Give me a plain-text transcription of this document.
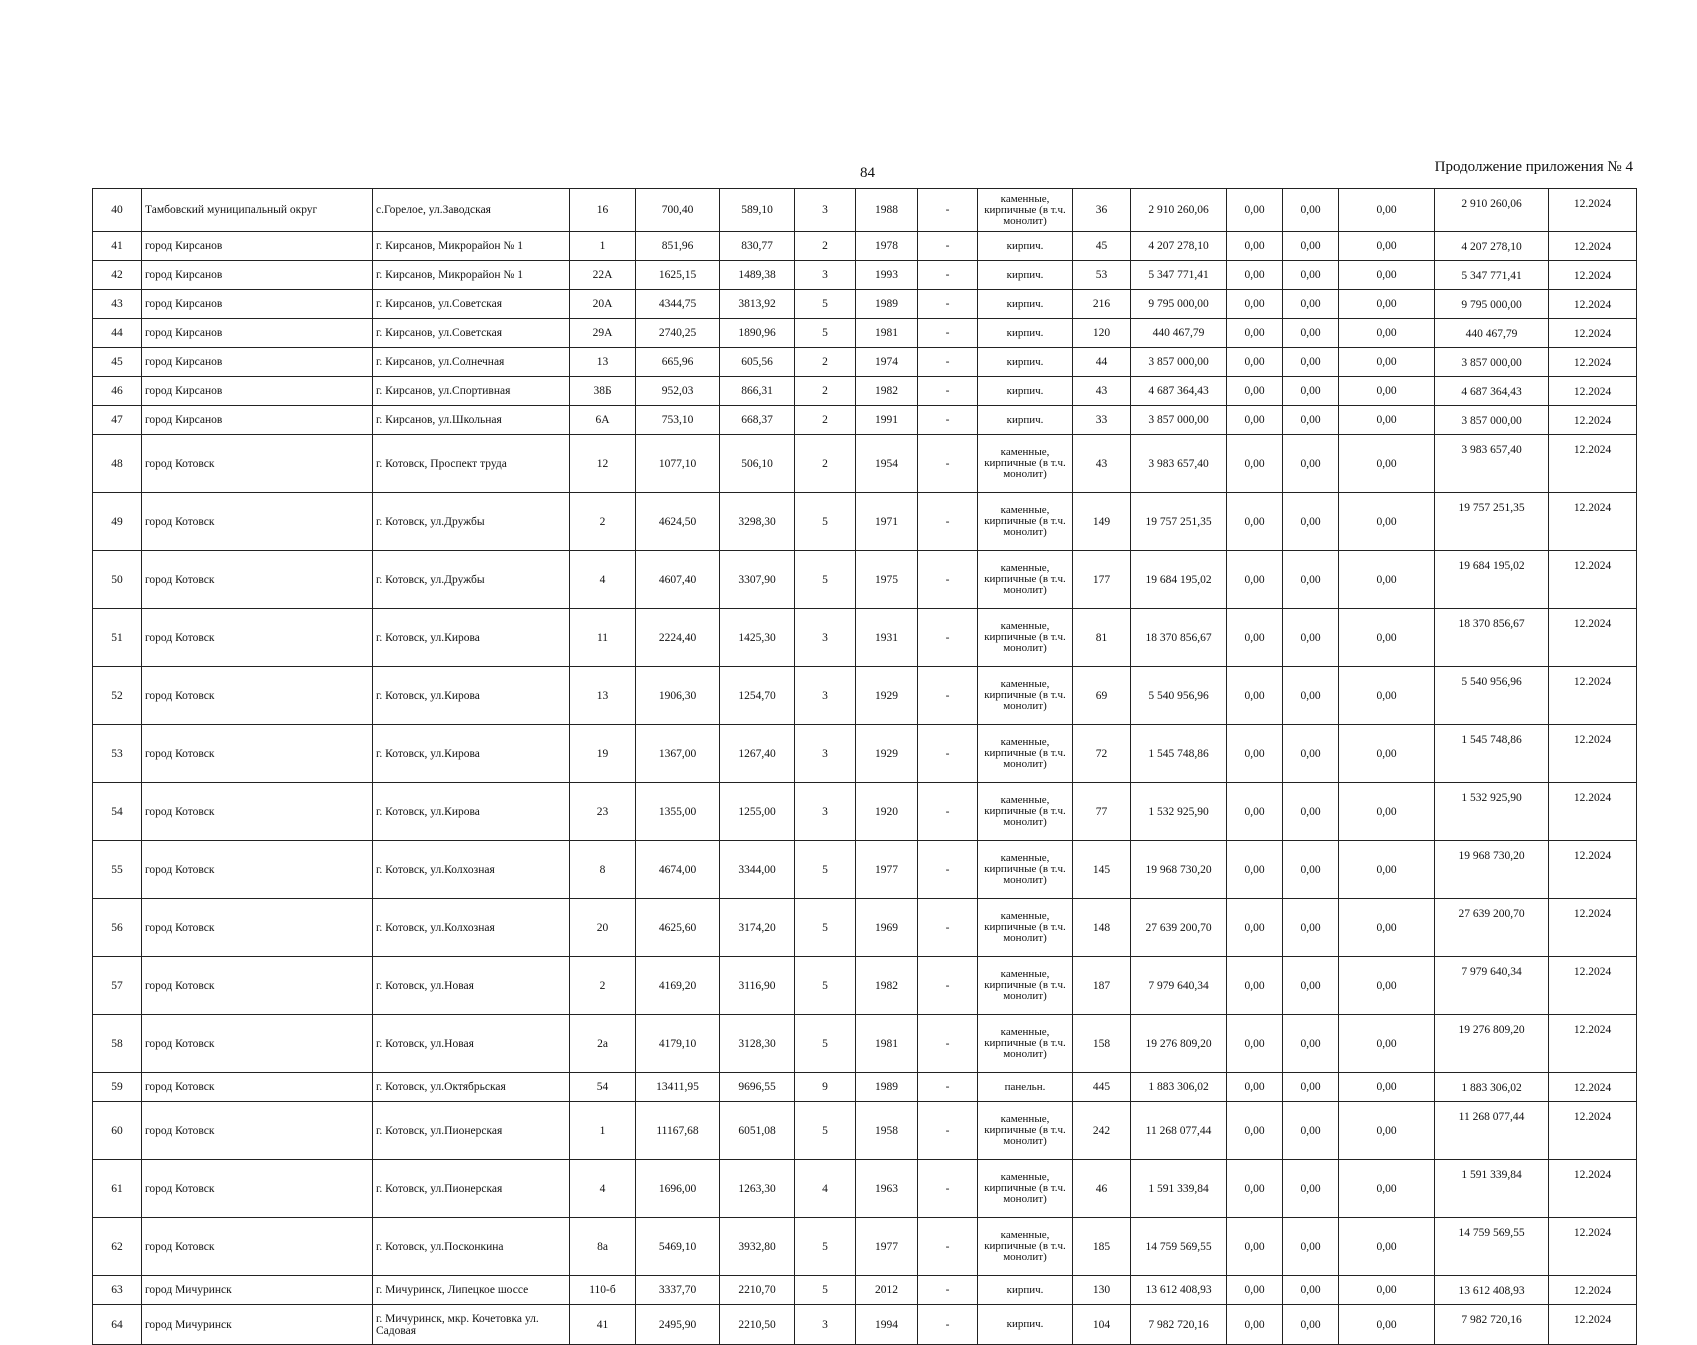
84	Продолжение приложения № 4
40	Тамбовский муниципальный округ	с.Горелое, ул.Заводская	16	700,40	589,10	3	1988	-	каменные, кирпичные (в т.ч. монолит)	36	2 910 260,06	0,00	0,00	0,00	2 910 260,06	12.2024
41	город Кирсанов	г. Кирсанов, Микрорайон № 1	1	851,96	830,77	2	1978	-	кирпич.	45	4 207 278,10	0,00	0,00	0,00	4 207 278,10	12.2024
42	город Кирсанов	г. Кирсанов, Микрорайон № 1	22А	1625,15	1489,38	3	1993	-	кирпич.	53	5 347 771,41	0,00	0,00	0,00	5 347 771,41	12.2024
43	город Кирсанов	г. Кирсанов, ул.Советская	20А	4344,75	3813,92	5	1989	-	кирпич.	216	9 795 000,00	0,00	0,00	0,00	9 795 000,00	12.2024
44	город Кирсанов	г. Кирсанов, ул.Советская	29А	2740,25	1890,96	5	1981	-	кирпич.	120	440 467,79	0,00	0,00	0,00	440 467,79	12.2024
45	город Кирсанов	г. Кирсанов, ул.Солнечная	13	665,96	605,56	2	1974	-	кирпич.	44	3 857 000,00	0,00	0,00	0,00	3 857 000,00	12.2024
46	город Кирсанов	г. Кирсанов, ул.Спортивная	38Б	952,03	866,31	2	1982	-	кирпич.	43	4 687 364,43	0,00	0,00	0,00	4 687 364,43	12.2024
47	город Кирсанов	г. Кирсанов, ул.Школьная	6А	753,10	668,37	2	1991	-	кирпич.	33	3 857 000,00	0,00	0,00	0,00	3 857 000,00	12.2024
48	город Котовск	г. Котовск, Проспект труда	12	1077,10	506,10	2	1954	-	каменные, кирпичные (в т.ч. монолит)	43	3 983 657,40	0,00	0,00	0,00	3 983 657,40	12.2024
49	город Котовск	г. Котовск, ул.Дружбы	2	4624,50	3298,30	5	1971	-	каменные, кирпичные (в т.ч. монолит)	149	19 757 251,35	0,00	0,00	0,00	19 757 251,35	12.2024
50	город Котовск	г. Котовск, ул.Дружбы	4	4607,40	3307,90	5	1975	-	каменные, кирпичные (в т.ч. монолит)	177	19 684 195,02	0,00	0,00	0,00	19 684 195,02	12.2024
51	город Котовск	г. Котовск, ул.Кирова	11	2224,40	1425,30	3	1931	-	каменные, кирпичные (в т.ч. монолит)	81	18 370 856,67	0,00	0,00	0,00	18 370 856,67	12.2024
52	город Котовск	г. Котовск, ул.Кирова	13	1906,30	1254,70	3	1929	-	каменные, кирпичные (в т.ч. монолит)	69	5 540 956,96	0,00	0,00	0,00	5 540 956,96	12.2024
53	город Котовск	г. Котовск, ул.Кирова	19	1367,00	1267,40	3	1929	-	каменные, кирпичные (в т.ч. монолит)	72	1 545 748,86	0,00	0,00	0,00	1 545 748,86	12.2024
54	город Котовск	г. Котовск, ул.Кирова	23	1355,00	1255,00	3	1920	-	каменные, кирпичные (в т.ч. монолит)	77	1 532 925,90	0,00	0,00	0,00	1 532 925,90	12.2024
55	город Котовск	г. Котовск, ул.Колхозная	8	4674,00	3344,00	5	1977	-	каменные, кирпичные (в т.ч. монолит)	145	19 968 730,20	0,00	0,00	0,00	19 968 730,20	12.2024
56	город Котовск	г. Котовск, ул.Колхозная	20	4625,60	3174,20	5	1969	-	каменные, кирпичные (в т.ч. монолит)	148	27 639 200,70	0,00	0,00	0,00	27 639 200,70	12.2024
57	город Котовск	г. Котовск, ул.Новая	2	4169,20	3116,90	5	1982	-	каменные, кирпичные (в т.ч. монолит)	187	7 979 640,34	0,00	0,00	0,00	7 979 640,34	12.2024
58	город Котовск	г. Котовск, ул.Новая	2а	4179,10	3128,30	5	1981	-	каменные, кирпичные (в т.ч. монолит)	158	19 276 809,20	0,00	0,00	0,00	19 276 809,20	12.2024
59	город Котовск	г. Котовск, ул.Октябрьская	54	13411,95	9696,55	9	1989	-	панельн.	445	1 883 306,02	0,00	0,00	0,00	1 883 306,02	12.2024
60	город Котовск	г. Котовск, ул.Пионерская	1	11167,68	6051,08	5	1958	-	каменные, кирпичные (в т.ч. монолит)	242	11 268 077,44	0,00	0,00	0,00	11 268 077,44	12.2024
61	город Котовск	г. Котовск, ул.Пионерская	4	1696,00	1263,30	4	1963	-	каменные, кирпичные (в т.ч. монолит)	46	1 591 339,84	0,00	0,00	0,00	1 591 339,84	12.2024
62	город Котовск	г. Котовск, ул.Посконкина	8а	5469,10	3932,80	5	1977	-	каменные, кирпичные (в т.ч. монолит)	185	14 759 569,55	0,00	0,00	0,00	14 759 569,55	12.2024
63	город Мичуринск	г. Мичуринск, Липецкое шоссе	110-б	3337,70	2210,70	5	2012	-	кирпич.	130	13 612 408,93	0,00	0,00	0,00	13 612 408,93	12.2024
64	город Мичуринск	г. Мичуринск, мкр. Кочетовка ул. Садовая	41	2495,90	2210,50	3	1994	-	кирпич.	104	7 982 720,16	0,00	0,00	0,00	7 982 720,16	12.2024
